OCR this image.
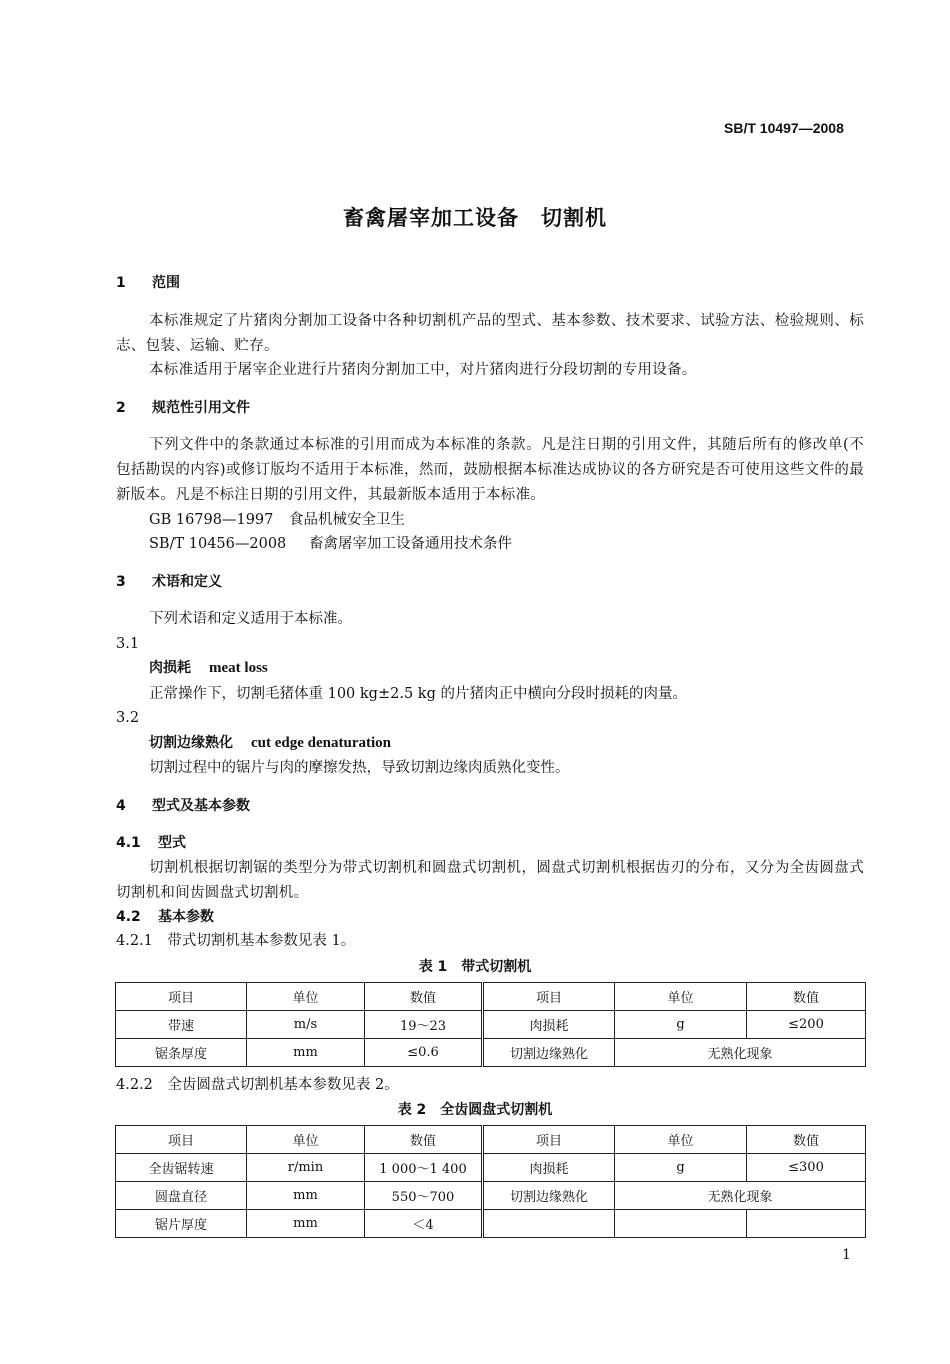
SB/T 10497—2008
畜禽屠宰加工设备　切割机
1 范围
本标准规定了片猪肉分割加工设备中各种切割机产品的型式、基本参数、技术要求、试验方法、检验规则、标志、包装、运输、贮存。
本标准适用于屠宰企业进行片猪肉分割加工中，对片猪肉进行分段切割的专用设备。
2 规范性引用文件
下列文件中的条款通过本标准的引用而成为本标准的条款。凡是注日期的引用文件，其随后所有的修改单(不包括勘误的内容)或修订版均不适用于本标准，然而，鼓励根据本标准达成协议的各方研究是否可使用这些文件的最新版本。凡是不标注日期的引用文件，其最新版本适用于本标准。
GB 16798—1997 食品机械安全卫生
SB/T 10456—2008 畜禽屠宰加工设备通用技术条件
3 术语和定义
下列术语和定义适用于本标准。
3.1
肉损耗 meat loss
正常操作下，切割毛猪体重 100 kg±2.5 kg 的片猪肉正中横向分段时损耗的肉量。
3.2
切割边缘熟化 cut edge denaturation
切割过程中的锯片与肉的摩擦发热，导致切割边缘肉质熟化变性。
4 型式及基本参数
4.1 型式
切割机根据切割锯的类型分为带式切割机和圆盘式切割机，圆盘式切割机根据齿刃的分布，又分为全齿圆盘式切割机和间齿圆盘式切割机。
4.2 基本参数
4.2.1　带式切割机基本参数见表 1。
表 1　带式切割机
项目	单位	数值	项目	单位	数值
带速	m/s	19～23	肉损耗	g	≤200
锯条厚度	mm	≤0.6	切割边缘熟化	无熟化现象	
4.2.2　全齿圆盘式切割机基本参数见表 2。
表 2　全齿圆盘式切割机
项目	单位	数值	项目	单位	数值
全齿锯转速	r/min	1 000～1 400	肉损耗	g	≤300
圆盘直径	mm	550～700	切割边缘熟化	无熟化现象	
锯片厚度	mm	＜4			
1
